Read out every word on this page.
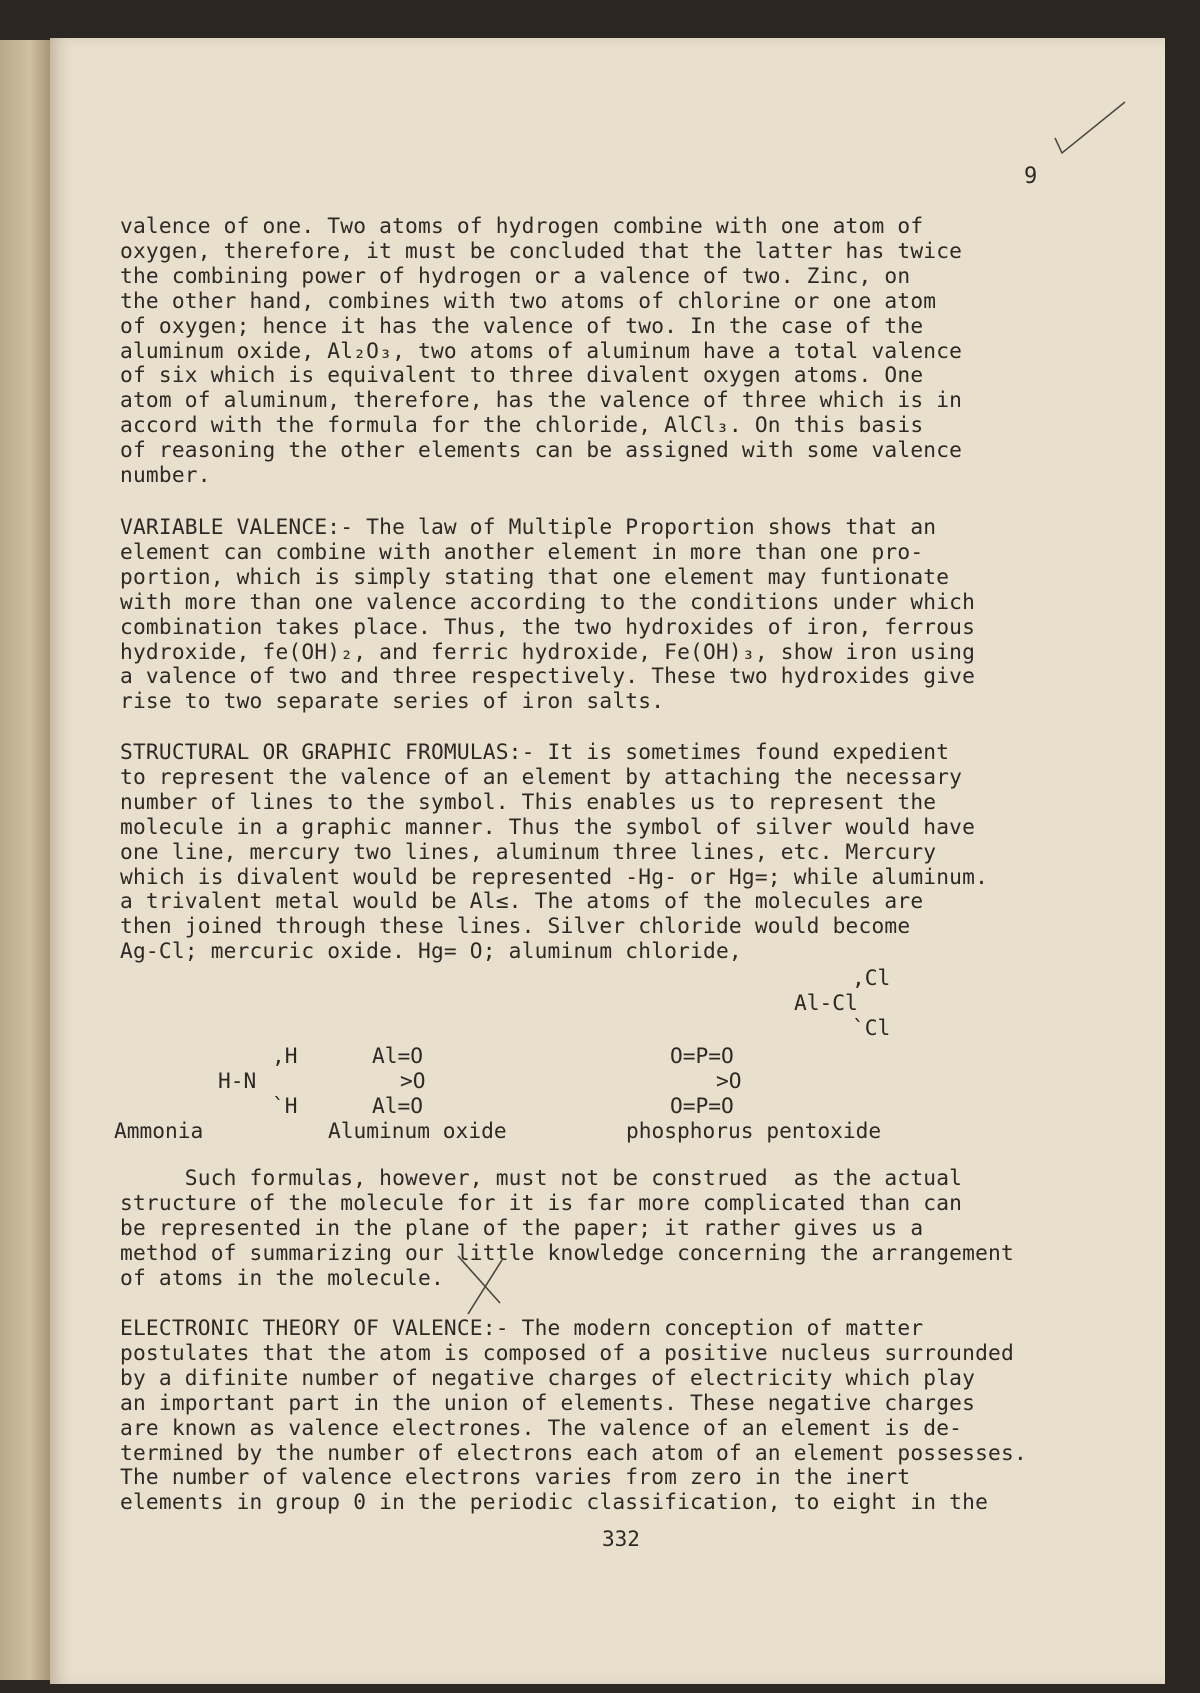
9
valence of one. Two atoms of hydrogen combine with one atom of
oxygen, therefore, it must be concluded that the latter has twice
the combining power of hydrogen or a valence of two. Zinc, on
the other hand, combines with two atoms of chlorine or one atom
of oxygen; hence it has the valence of two. In the case of the
aluminum oxide, Al₂O₃, two atoms of aluminum have a total valence
of six which is equivalent to three divalent oxygen atoms. One
atom of aluminum, therefore, has the valence of three which is in
accord with the formula for the chloride, AlCl₃. On this basis
of reasoning the other elements can be assigned with some valence
number.
VARIABLE VALENCE:- The law of Multiple Proportion shows that an
element can combine with another element in more than one pro-
portion, which is simply stating that one element may funtionate
with more than one valence according to the conditions under which
combination takes place. Thus, the two hydroxides of iron, ferrous
hydroxide, fe(OH)₂, and ferric hydroxide, Fe(OH)₃, show iron using
a valence of two and three respectively. These two hydroxides give
rise to two separate series of iron salts.
STRUCTURAL OR GRAPHIC FROMULAS:- It is sometimes found expedient
to represent the valence of an element by attaching the necessary
number of lines to the symbol. This enables us to represent the
molecule in a graphic manner. Thus the symbol of silver would have
one line, mercury two lines, aluminum three lines, etc. Mercury
which is divalent would be represented -Hg- or Hg=; while aluminum.
a trivalent metal would be Al≤. The atoms of the molecules are
then joined through these lines. Silver chloride would become
Ag-Cl; mercuric oxide. Hg= O; aluminum chloride,
,Cl
Al-Cl
`Cl
,H
H-N
`H
Ammonia
Al=O
>O
Al=O
Aluminum oxide
O=P=O
>O
O=P=O
phosphorus pentoxide
Such formulas, however, must not be construed  as the actual
structure of the molecule for it is far more complicated than can
be represented in the plane of the paper; it rather gives us a
method of summarizing our little knowledge concerning the arrangement
of atoms in the molecule.
ELECTRONIC THEORY OF VALENCE:- The modern conception of matter
postulates that the atom is composed of a positive nucleus surrounded
by a difinite number of negative charges of electricity which play
an important part in the union of elements. These negative charges
are known as valence electrones. The valence of an element is de-
termined by the number of electrons each atom of an element possesses.
The number of valence electrons varies from zero in the inert
elements in group 0 in the periodic classification, to eight in the
332
